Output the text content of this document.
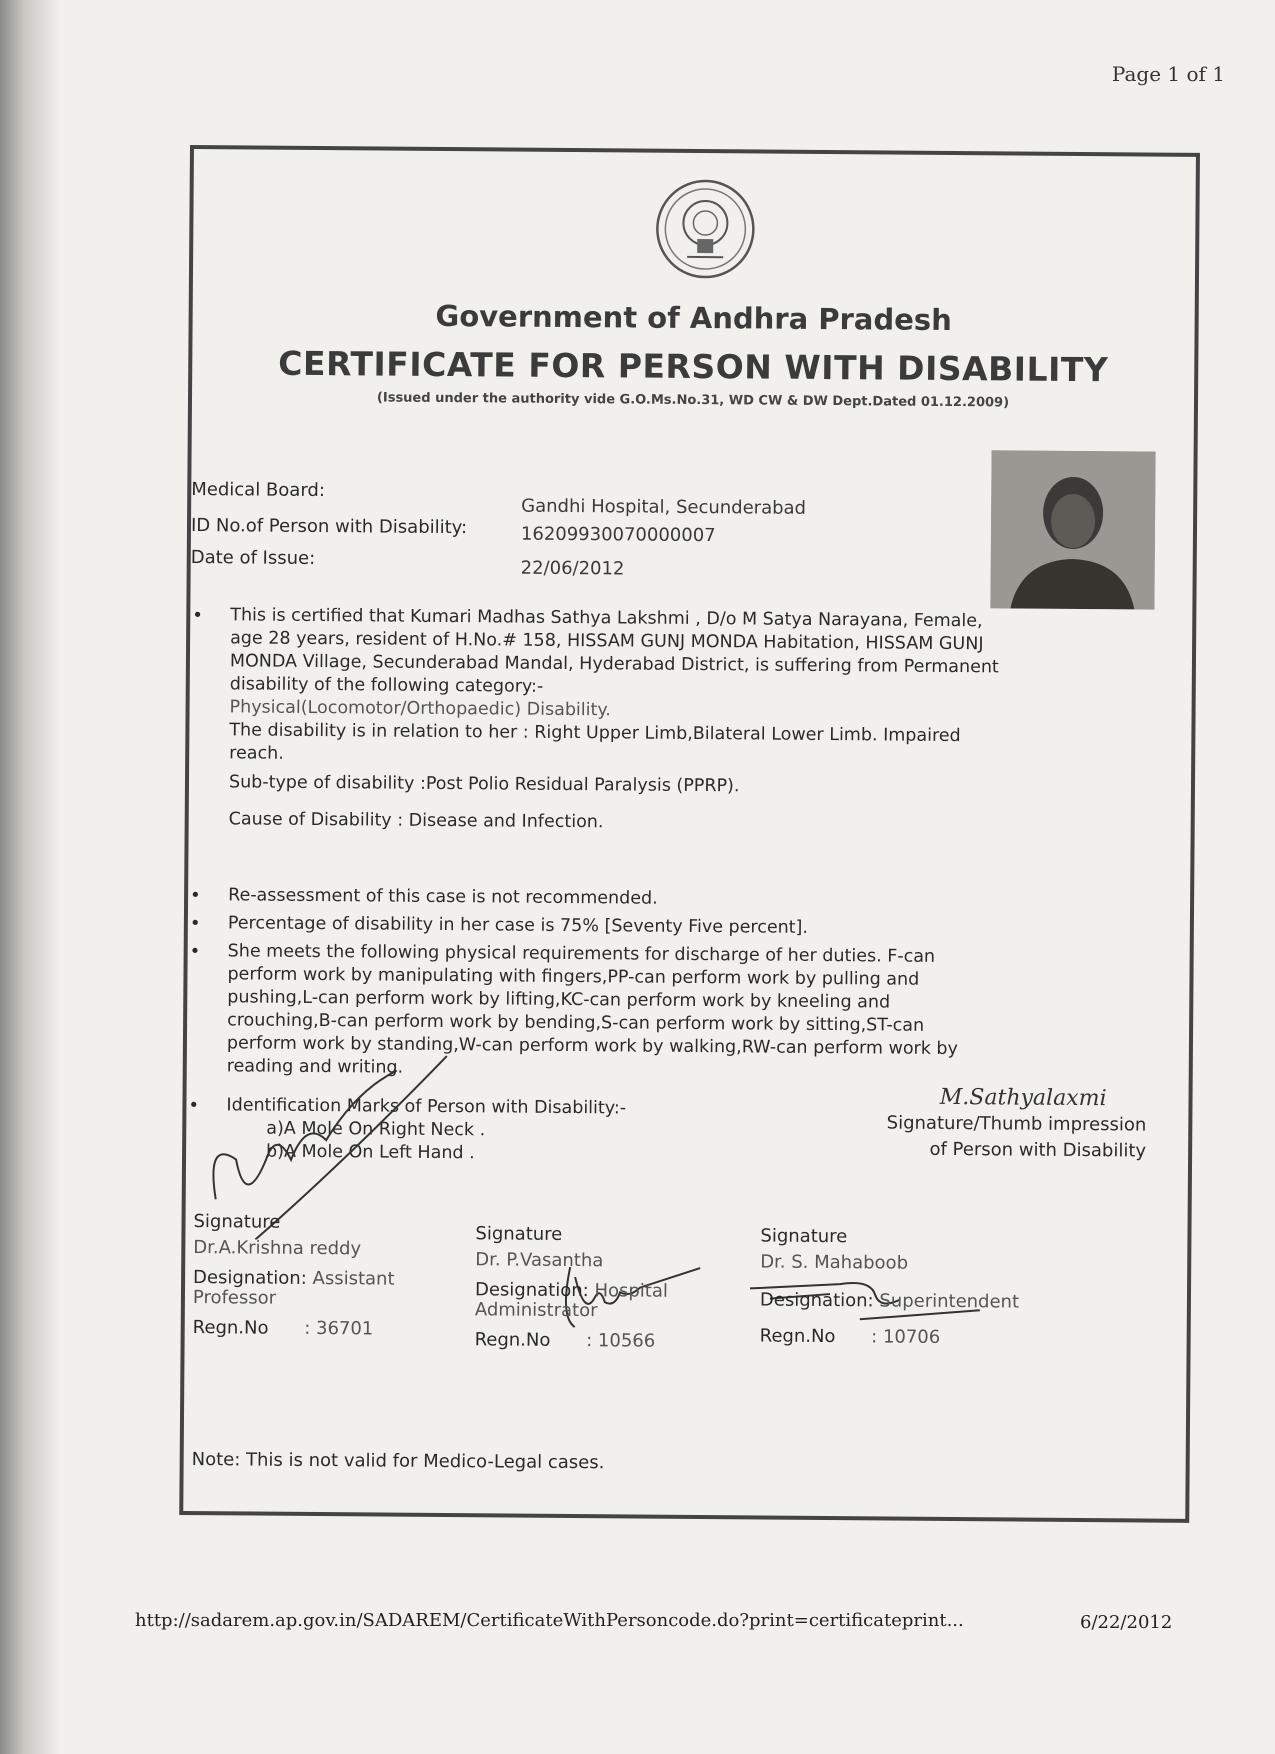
Page 1 of 1
Government of Andhra Pradesh
CERTIFICATE FOR PERSON WITH DISABILITY
(Issued under the authority vide G.O.Ms.No.31, WD CW & DW Dept.Dated 01.12.2009)
Medical Board:
Gandhi Hospital, Secunderabad
ID No.of Person with Disability:	16209930070000007
Date of Issue:	22/06/2012
• This is certified that Kumari Madhas Sathya Lakshmi , D/o M Satya Narayana, Female,
age 28 years, resident of H.No.# 158, HISSAM GUNJ MONDA Habitation, HISSAM GUNJ
MONDA Village, Secunderabad Mandal, Hyderabad District, is suffering from Permanent
disability of the following category:-
Physical(Locomotor/Orthopaedic) Disability.
The disability is in relation to her : Right Upper Limb,Bilateral Lower Limb. Impaired
reach.
Sub-type of disability :Post Polio Residual Paralysis (PPRP).
Cause of Disability : Disease and Infection.
• Re-assessment of this case is not recommended.
• Percentage of disability in her case is 75% [Seventy Five percent].
• She meets the following physical requirements for discharge of her duties. F-can
perform work by manipulating with fingers,PP-can perform work by pulling and
pushing,L-can perform work by lifting,KC-can perform work by kneeling and
crouching,B-can perform work by bending,S-can perform work by sitting,ST-can
perform work by standing,W-can perform work by walking,RW-can perform work by
reading and writing.
• Identification Marks of Person with Disability:-
a)A Mole On Right Neck .
b)A Mole On Left Hand .
M.Sathyalaxmi
Signature/Thumb impression
of Person with Disability
Signature
Dr.A.Krishna reddy
Designation: Assistant
Professor
Regn.No : 36701
Signature
Dr. P.Vasantha
Designation: Hospital
Administrator
Regn.No : 10566
Signature
Dr. S. Mahaboob
Designation: Superintendent
Regn.No : 10706
Note: This is not valid for Medico-Legal cases.
http://sadarem.ap.gov.in/SADAREM/CertificateWithPersoncode.do?print=certificateprint...	6/22/2012
